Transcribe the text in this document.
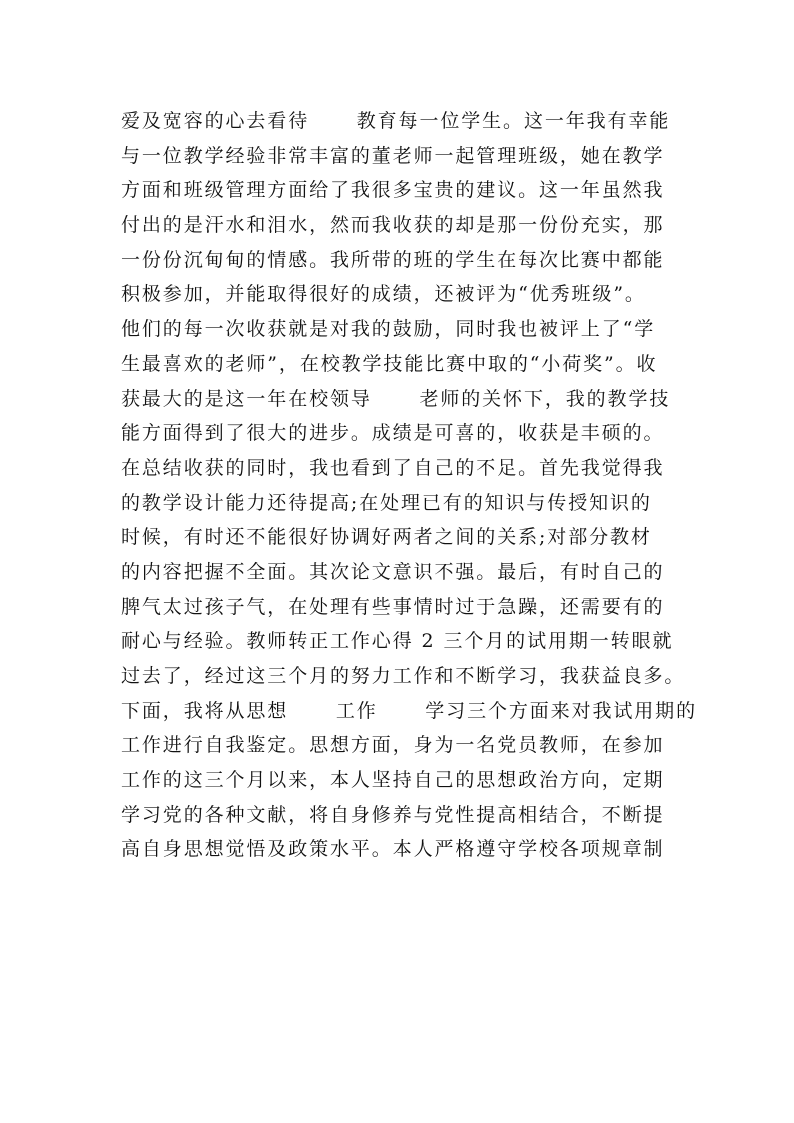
爱及宽容的心去看待      教育每一位学生。这一年我有幸能
与一位教学经验非常丰富的董老师一起管理班级，她在教学
方面和班级管理方面给了我很多宝贵的建议。这一年虽然我
付出的是汗水和泪水，然而我收获的却是那一份份充实，那
一份份沉甸甸的情感。我所带的班的学生在每次比赛中都能
积极参加，并能取得很好的成绩，还被评为“优秀班级”。
他们的每一次收获就是对我的鼓励，同时我也被评上了“学
生最喜欢的老师”，在校教学技能比赛中取的“小荷奖”。收
获最大的是这一年在校领导      老师的关怀下，我的教学技
能方面得到了很大的进步。成绩是可喜的，收获是丰硕的。
在总结收获的同时，我也看到了自己的不足。首先我觉得我
的教学设计能力还待提高;在处理已有的知识与传授知识的
时候，有时还不能很好协调好两者之间的关系;对部分教材
的内容把握不全面。其次论文意识不强。最后，有时自己的
脾气太过孩子气，在处理有些事情时过于急躁，还需要有的
耐心与经验。教师转正工作心得 2 三个月的试用期一转眼就
过去了，经过这三个月的努力工作和不断学习，我获益良多。
下面，我将从思想      工作      学习三个方面来对我试用期的
工作进行自我鉴定。思想方面，身为一名党员教师，在参加
工作的这三个月以来，本人坚持自己的思想政治方向，定期
学习党的各种文献，将自身修养与党性提高相结合，不断提
高自身思想觉悟及政策水平。本人严格遵守学校各项规章制
